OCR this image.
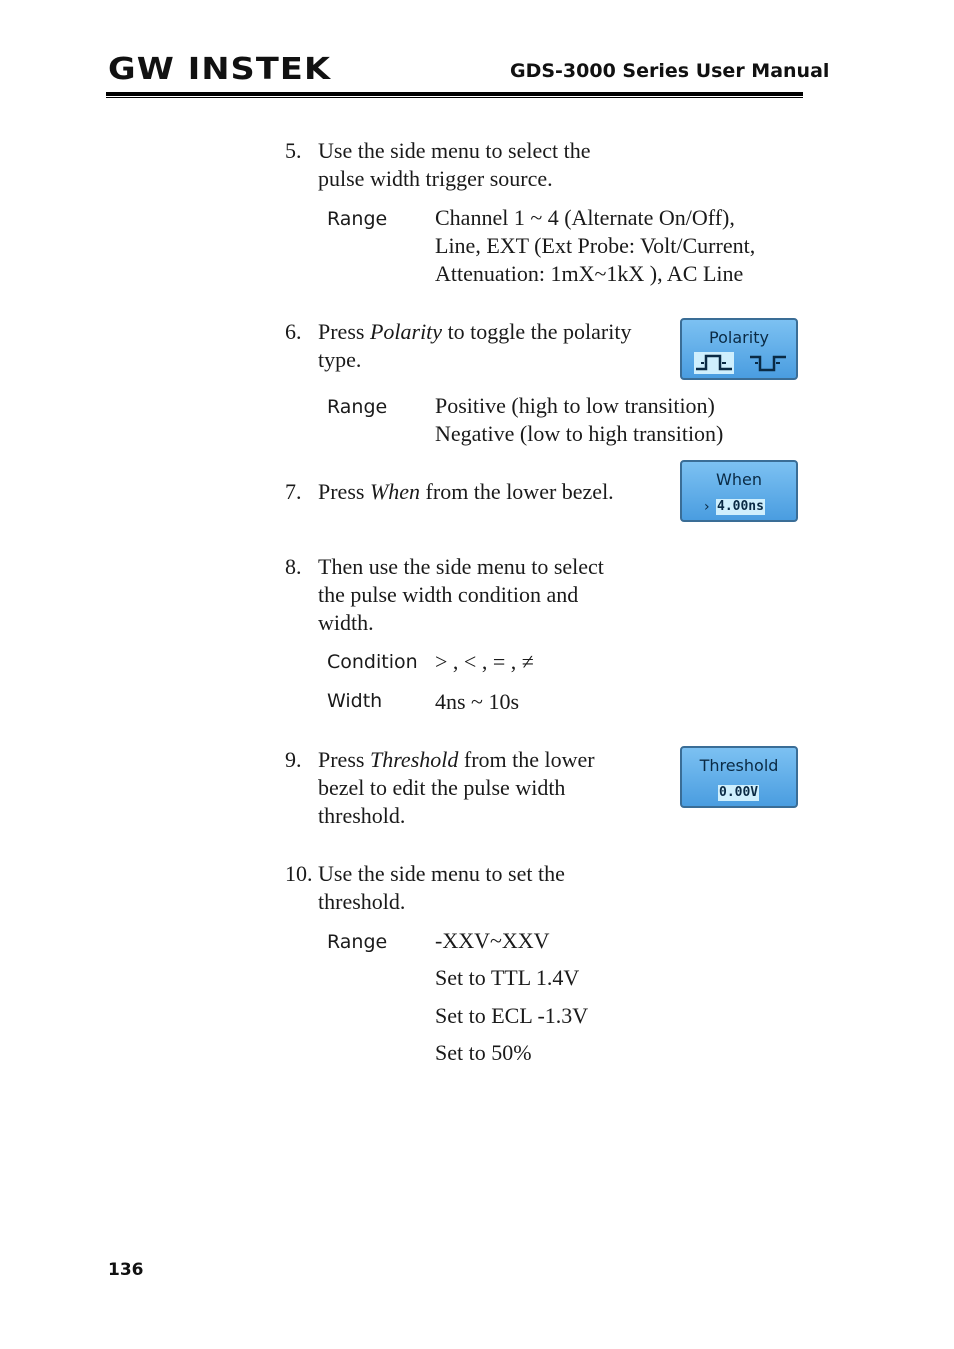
GW INSTEK	GDS-3000 Series User Manual
5. Use the side menu to select the
pulse width trigger source.
Range Channel 1 ~ 4 (Alternate On/Off),
Line, EXT (Ext Probe: Volt/Current,
Attenuation: 1mX~1kX ), AC Line
6. Press Polarity to toggle the polarity
type.
Range Positive (high to low transition)
Negative (low to high transition)
Polarity
7. Press When from the lower bezel.	When
› 4.00ns
8. Then use the side menu to select
the pulse width condition and
width.
Condition > , < , = , ≠
Width 4ns ~ 10s
9. Press Threshold from the lower
bezel to edit the pulse width
threshold.
Threshold
0.00V
10. Use the side menu to set the
threshold.
Range -XXV~XXV
Set to TTL 1.4V
Set to ECL -1.3V
Set to 50%
136
